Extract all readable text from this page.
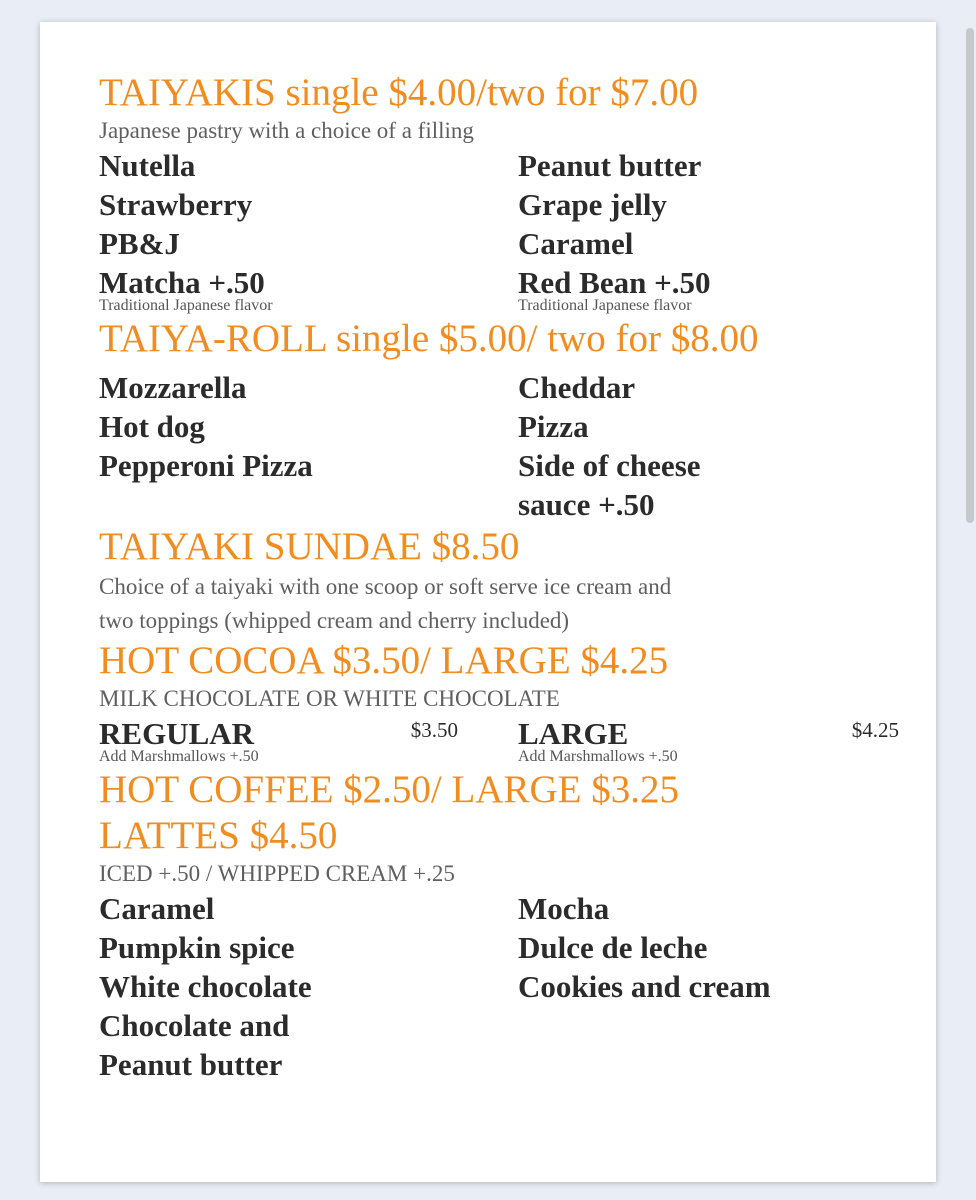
TAIYAKIS single $4.00/two for $7.00
Japanese pastry with a choice of a filling
Nutella
Strawberry
PB&J
Matcha +.50
Traditional Japanese flavor
Peanut butter
Grape jelly
Caramel
Red Bean +.50
Traditional Japanese flavor
TAIYA-ROLL single $5.00/ two for $8.00
Mozzarella
Hot dog
Pepperoni Pizza
Cheddar
Pizza
Side of cheese
sauce +.50
TAIYAKI SUNDAE $8.50
Choice of a taiyaki with one scoop or soft serve ice cream and
two toppings (whipped cream and cherry included)
HOT COCOA $3.50/ LARGE $4.25
MILK CHOCOLATE OR WHITE CHOCOLATE
REGULAR	$3.50
Add Marshmallows +.50
LARGE	$4.25
Add Marshmallows +.50
HOT COFFEE $2.50/ LARGE $3.25
LATTES $4.50
ICED +.50 / WHIPPED CREAM +.25
Caramel
Pumpkin spice
White chocolate
Chocolate and
Peanut butter
Mocha
Dulce de leche
Cookies and cream
